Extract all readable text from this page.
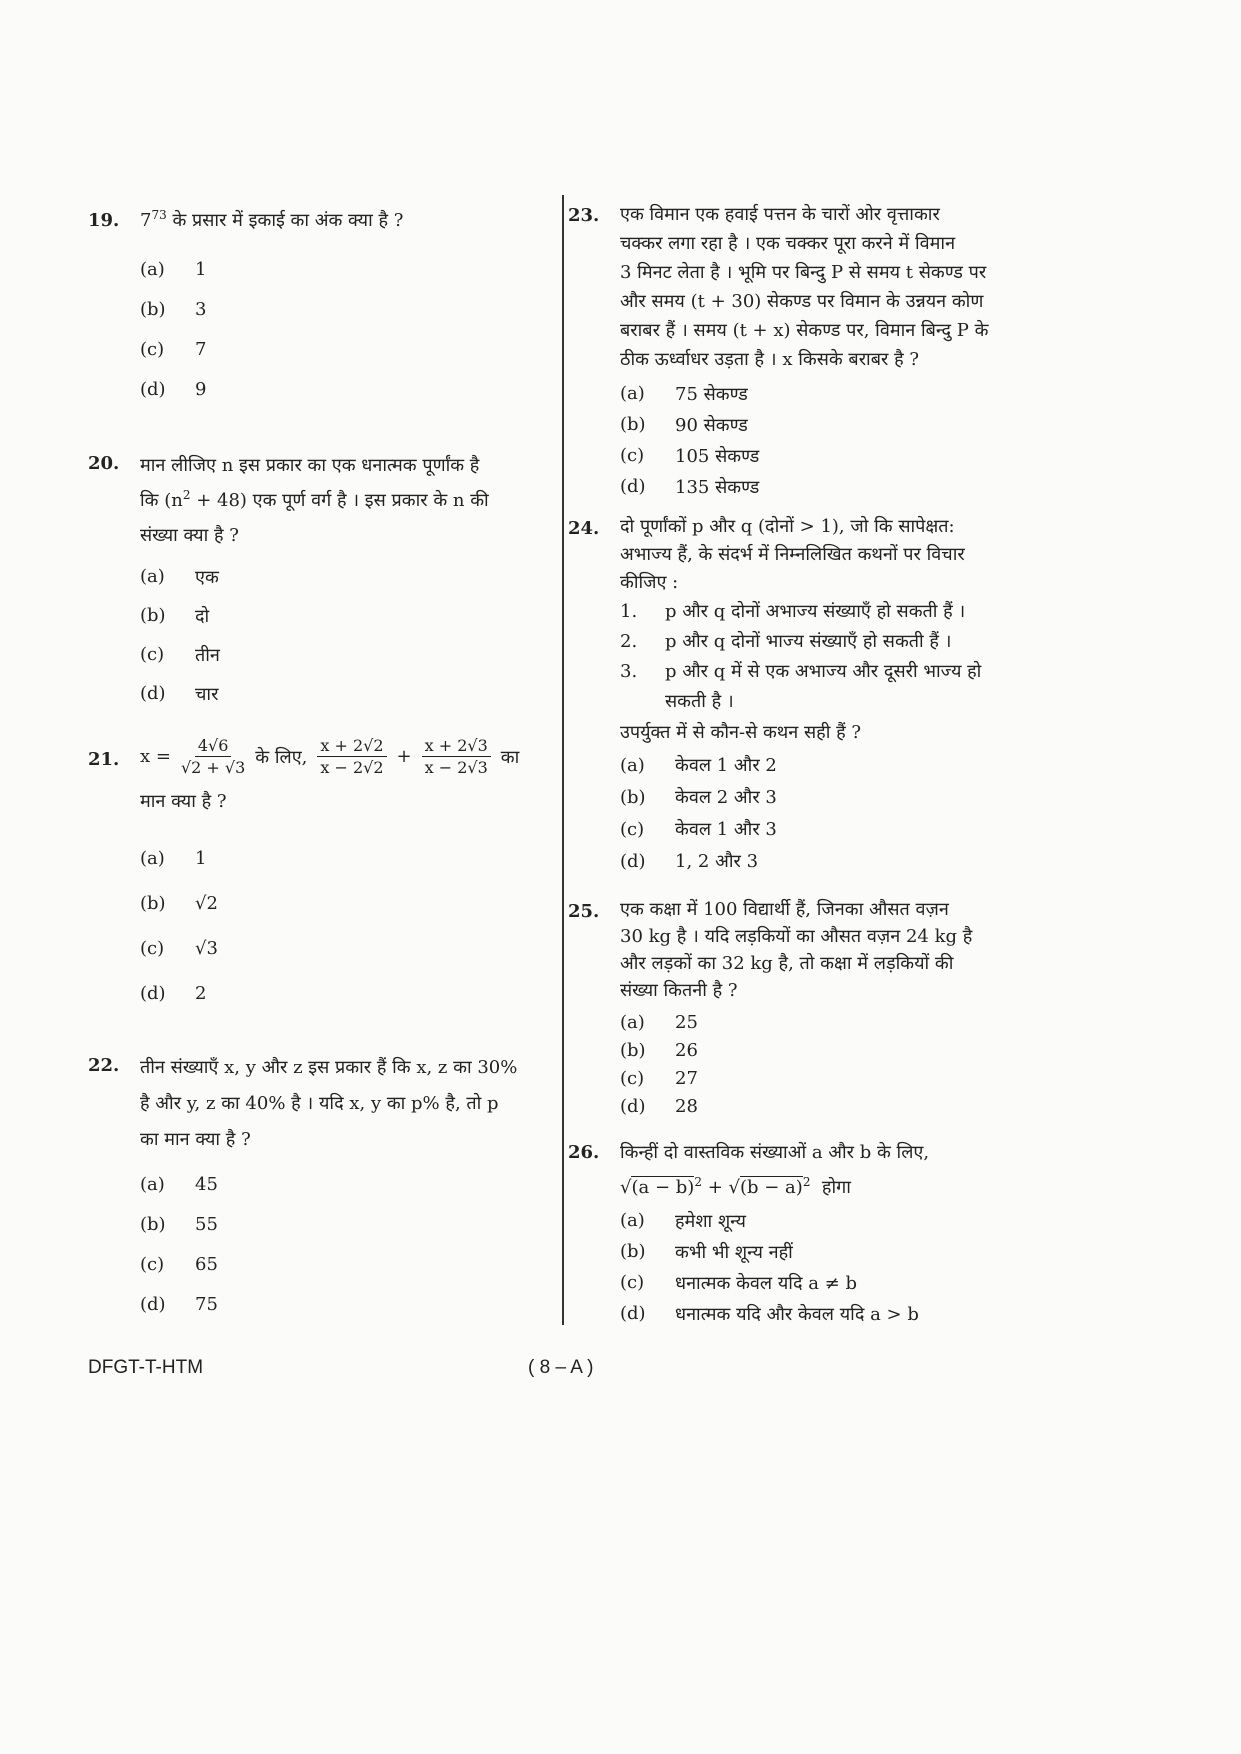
19. $7^{73}$ के प्रसार में इकाई का अंक क्या है ?
(a)	1
(b)	3
(c)	7
(d)	9
20. मान लीजिए n इस प्रकार का एक धनात्मक पूर्णांक है
कि $(n^2 + 48)$ एक पूर्ण वर्ग है । इस प्रकार के n की
संख्या क्या है ?
(a)	एक
(b)	दो
(c)	तीन
(d)	चार
21. $x = \frac{4√6}{√2 + √3}$ के लिए, $\frac{x + 2√2}{x - 2√2} + \frac{x + 2√3}{x - 2√3}$ का
मान क्या है ?
(a)	1
(b)	√2
(c)	√3
(d)	2
22. तीन संख्याएँ x, y और z इस प्रकार हैं कि x, z का 30%
है और y, z का 40% है । यदि x, y का p% है, तो p
का मान क्या है ?
(a)	45
(b)	55
(c)	65
(d)	75
23. एक विमान एक हवाई पत्तन के चारों ओर वृत्ताकार
चक्कर लगा रहा है । एक चक्कर पूरा करने में विमान
3 मिनट लेता है । भूमि पर बिन्दु P से समय t सेकण्ड पर
और समय (t + 30) सेकण्ड पर विमान के उन्नयन कोण
बराबर हैं । समय (t + x) सेकण्ड पर, विमान बिन्दु P के
ठीक ऊर्ध्वाधर उड़ता है । x किसके बराबर है ?
(a)	75 सेकण्ड
(b)	90 सेकण्ड
(c)	105 सेकण्ड
(d)	135 सेकण्ड
24. दो पूर्णांकों p और q (दोनों > 1), जो कि सापेक्षत:
अभाज्य हैं, के संदर्भ में निम्नलिखित कथनों पर विचार
कीजिए :
1.	p और q दोनों अभाज्य संख्याएँ हो सकती हैं ।
2.	p और q दोनों भाज्य संख्याएँ हो सकती हैं ।
3.	p और q में से एक अभाज्य और दूसरी भाज्य हो
सकती है ।
उपर्युक्त में से कौन-से कथन सही हैं ?
(a)	केवल 1 और 2
(b)	केवल 2 और 3
(c)	केवल 1 और 3
(d)	1, 2 और 3
25. एक कक्षा में 100 विद्यार्थी हैं, जिनका औसत वज़न
30 kg है । यदि लड़कियों का औसत वज़न 24 kg है
और लड़कों का 32 kg है, तो कक्षा में लड़कियों की
संख्या कितनी है ?
(a)	25
(b)	26
(c)	27
(d)	28
26. किन्हीं दो वास्तविक संख्याओं a और b के लिए,
$√(a - b)^2 + √(b - a)^2$ होगा
(a)	हमेशा शून्य
(b)	कभी भी शून्य नहीं
(c)	धनात्मक केवल यदि a ≠ b
(d)	धनात्मक यदि और केवल यदि a > b
DFGT-T-HTM	( 8 – A )
